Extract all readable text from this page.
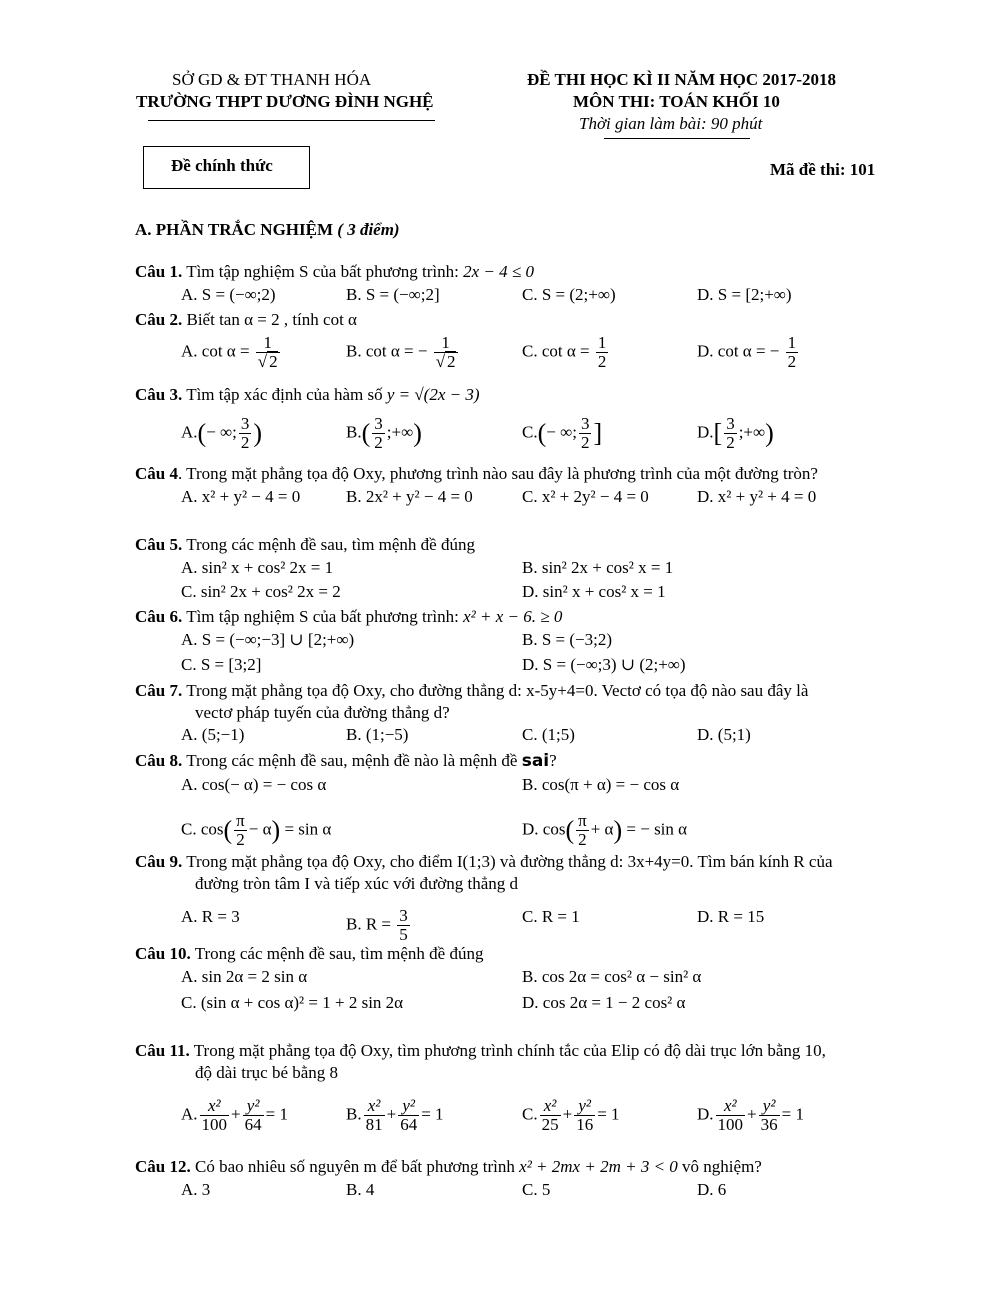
SỞ GD & ĐT THANH HÓA
TRƯỜNG THPT DƯƠNG ĐÌNH NGHỆ
ĐỀ THI HỌC KÌ II NĂM HỌC 2017-2018
MÔN THI: TOÁN KHỐI 10
Thời gian làm bài: 90 phút
Đề chính thức	Mã đề thi: 101
A. PHẦN TRẮC NGHIỆM ( 3 điểm)
Câu 1. Tìm tập nghiệm S của bất phương trình: 2x − 4 ≤ 0
A. S = (−∞;2)	B. S = (−∞;2]	C. S = (2;+∞)	D. S = [2;+∞)
Câu 2. Biết tan α = 2 , tính cot α
A. $\cot \alpha = \frac{1}{√ 2}$	B. cot α = − $\frac{1}{√ 2}$	C. $\cot \alpha = \frac{1}{2}$	D. cot α = − $\frac{1}{2}$
Câu 3. Tìm tập xác định của hàm số y = √(2x − 3)
A.(− ∞; $\frac{3}{2}$ )	$B.( \frac{3}{2}$ ;+∞)	C.(− ∞; $\frac{3}{2}$ ]	$D.[ \frac{3}{2}$ ;+∞)
Câu 4. Trong mặt phẳng tọa độ Oxy, phương trình nào sau đây là phương trình của một đường tròn?
A. x² + y² − 4 = 0	B. 2x² + y² − 4 = 0	C. x² + 2y² − 4 = 0	D. x² + y² + 4 = 0
Câu 5. Trong các mệnh đề sau, tìm mệnh đề đúng
A. sin² x + cos² 2x = 1	B. sin² 2x + cos² x = 1
C. sin² 2x + cos² 2x = 2	D. sin² x + cos² x = 1
Câu 6. Tìm tập nghiệm S của bất phương trình: x² + x − 6. ≥ 0
A. S = (−∞;−3] ∪ [2;+∞)	B. S = (−3;2)
C. S = [3;2]	D. S = (−∞;3) ∪ (2;+∞)
Câu 7. Trong mặt phẳng tọa độ Oxy, cho đường thẳng d: x-5y+4=0. Vectơ có tọa độ nào sau đây là
vectơ pháp tuyến của đường thẳng d?
A. (5;−1)	B. (1;−5)	C. (1;5)	D. (5;1)
Câu 8. Trong các mệnh đề sau, mệnh đề nào là mệnh đề sai?
A. cos(− α) = − cos α	B. cos(π + α) = − cos α
C. $\cos( \frac{\pi}{2} - \alpha) = \sin \alpha$	D. $\cos( \frac{\pi}{2} + \alpha)$ = − sin α
Câu 9. Trong mặt phẳng tọa độ Oxy, cho điểm I(1;3) và đường thẳng d: 3x+4y=0. Tìm bán kính R của
đường tròn tâm I và tiếp xúc với đường thẳng d
A. R = 3	B. $R = \frac{3}{5}$	C. R = 1	D. R = 15
Câu 10. Trong các mệnh đề sau, tìm mệnh đề đúng
A. sin 2α = 2 sin α	B. cos 2α = cos² α − sin² α
C. (sin α + cos α)² = 1 + 2 sin 2α	D. cos 2α = 1 − 2 cos² α
Câu 11. Trong mặt phẳng tọa độ Oxy, tìm phương trình chính tắc của Elip có độ dài trục lớn bằng 10,
độ dài trục bé bằng 8
A. $\frac{\text{x²}}{100} + \frac{\text{y²}}{64} = 1$	B. $\frac{\text{x²}}{81} + \frac{\text{y²}}{64} = 1$	C. $\frac{\text{x²}}{25} + \frac{\text{y²}}{16} = 1$	D. $\frac{\text{x²}}{100} + \frac{\text{y²}}{36} = 1$
Câu 12. Có bao nhiêu số nguyên m để bất phương trình x² + 2mx + 2m + 3 < 0 vô nghiệm?
A. 3	B. 4	C. 5	D. 6
